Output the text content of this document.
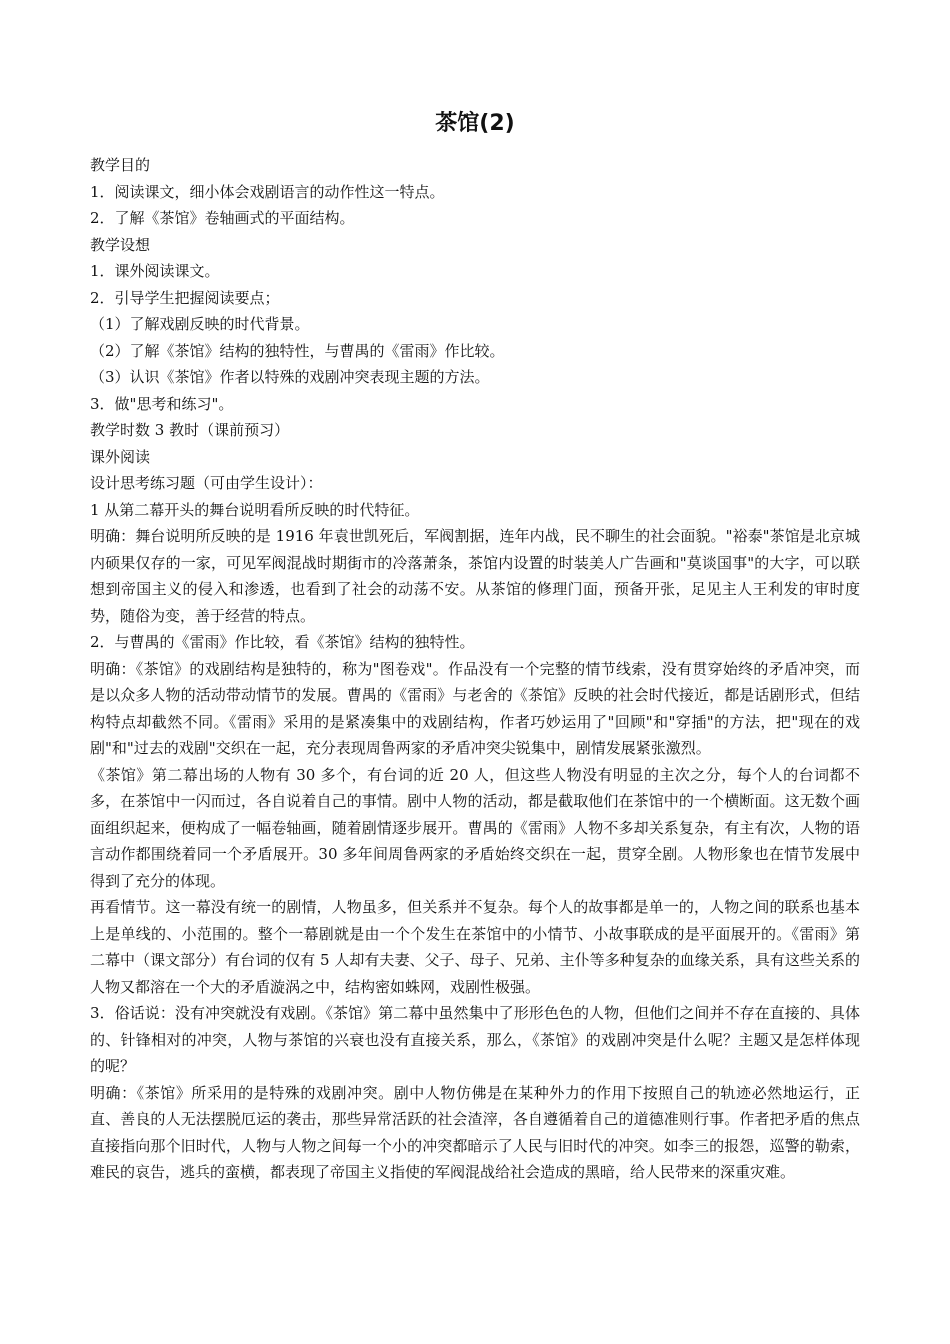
茶馆(2)

教学目的

1．阅读课文，细小体会戏剧语言的动作性这一特点。

2．了解《茶馆》卷轴画式的平面结构。

教学设想

1．课外阅读课文。

2．引导学生把握阅读要点；

（1）了解戏剧反映的时代背景。

（2）了解《茶馆》结构的独特性，与曹禺的《雷雨》作比较。

（3）认识《茶馆》作者以特殊的戏剧冲突表现主题的方法。

3．做"思考和练习"。

教学时数 3 教时（课前预习）

课外阅读

设计思考练习题（可由学生设计）：

1 从第二幕开头的舞台说明看所反映的时代特征。

明确：舞台说明所反映的是 1916 年袁世凯死后，军阀割据，连年内战，民不聊生的社会面貌。"裕泰"茶馆是北京城内硕果仅存的一家，可见军阀混战时期街市的冷落萧条，茶馆内设置的时装美人广告画和"莫谈国事"的大字，可以联想到帝国主义的侵入和渗透，也看到了社会的动荡不安。从茶馆的修理门面，预备开张，足见主人王利发的审时度势，随俗为变，善于经营的特点。

2．与曹禺的《雷雨》作比较，看《茶馆》结构的独特性。

明确：《茶馆》的戏剧结构是独特的，称为"图卷戏"。作品没有一个完整的情节线索，没有贯穿始终的矛盾冲突，而是以众多人物的活动带动情节的发展。曹禺的《雷雨》与老舍的《茶馆》反映的社会时代接近，都是话剧形式，但结构特点却截然不同。《雷雨》采用的是紧凑集中的戏剧结构，作者巧妙运用了"回顾"和"穿插"的方法，把"现在的戏剧"和"过去的戏剧"交织在一起，充分表现周鲁两家的矛盾冲突尖锐集中，剧情发展紧张激烈。

《茶馆》第二幕出场的人物有 30 多个，有台词的近 20 人，但这些人物没有明显的主次之分，每个人的台词都不多，在茶馆中一闪而过，各自说着自己的事情。剧中人物的活动，都是截取他们在茶馆中的一个横断面。这无数个画面组织起来，便构成了一幅卷轴画，随着剧情逐步展开。曹禺的《雷雨》人物不多却关系复杂，有主有次，人物的语言动作都围绕着同一个矛盾展开。30 多年间周鲁两家的矛盾始终交织在一起，贯穿全剧。人物形象也在情节发展中得到了充分的体现。

再看情节。这一幕没有统一的剧情，人物虽多，但关系并不复杂。每个人的故事都是单一的，人物之间的联系也基本上是单线的、小范围的。整个一幕剧就是由一个个发生在茶馆中的小情节、小故事联成的是平面展开的。《雷雨》第二幕中（课文部分）有台词的仅有 5 人却有夫妻、父子、母子、兄弟、主仆等多种复杂的血缘关系，具有这些关系的人物又都溶在一个大的矛盾漩涡之中，结构密如蛛网，戏剧性极强。

3．俗话说：没有冲突就没有戏剧。《茶馆》第二幕中虽然集中了形形色色的人物，但他们之间并不存在直接的、具体的、针锋相对的冲突，人物与茶馆的兴衰也没有直接关系，那么，《茶馆》的戏剧冲突是什么呢？主题又是怎样体现的呢？

明确：《茶馆》所采用的是特殊的戏剧冲突。剧中人物仿佛是在某种外力的作用下按照自己的轨迹必然地运行，正直、善良的人无法摆脱厄运的袭击，那些异常活跃的社会渣滓，各自遵循着自己的道德准则行事。作者把矛盾的焦点直接指向那个旧时代，人物与人物之间每一个小的冲突都暗示了人民与旧时代的冲突。如李三的报怨，巡警的勒索，难民的哀告，逃兵的蛮横，都表现了帝国主义指使的军阀混战给社会造成的黑暗，给人民带来的深重灾难。
